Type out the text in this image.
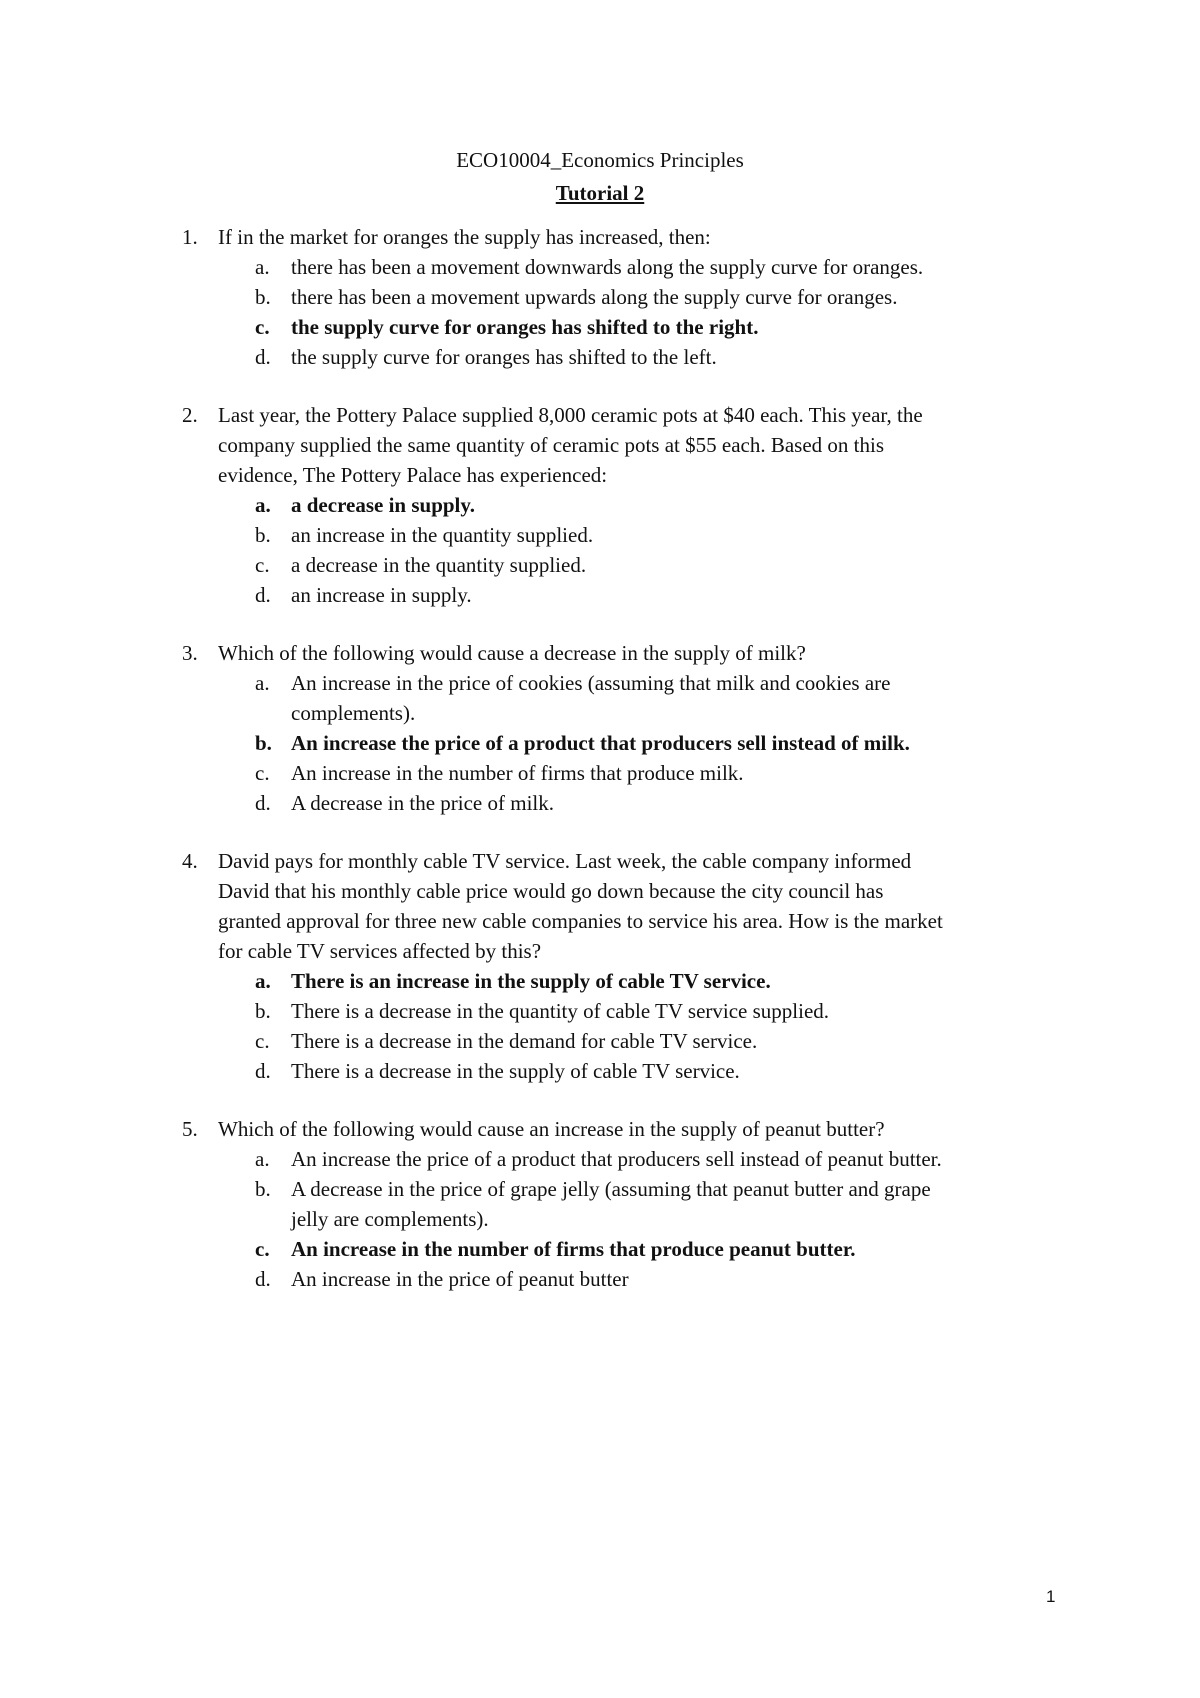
ECO10004_Economics Principles
Tutorial 2
1. If in the market for oranges the supply has increased, then:
a. there has been a movement downwards along the supply curve for oranges.
b. there has been a movement upwards along the supply curve for oranges.
c. the supply curve for oranges has shifted to the right.
d. the supply curve for oranges has shifted to the left.
2. Last year, the Pottery Palace supplied 8,000 ceramic pots at $40 each. This year, the
company supplied the same quantity of ceramic pots at $55 each. Based on this
evidence, The Pottery Palace has experienced:
a. a decrease in supply.
b. an increase in the quantity supplied.
c. a decrease in the quantity supplied.
d. an increase in supply.
3. Which of the following would cause a decrease in the supply of milk?
a. An increase in the price of cookies (assuming that milk and cookies are
complements).
b. An increase the price of a product that producers sell instead of milk.
c. An increase in the number of firms that produce milk.
d. A decrease in the price of milk.
4. David pays for monthly cable TV service. Last week, the cable company informed
David that his monthly cable price would go down because the city council has
granted approval for three new cable companies to service his area. How is the market
for cable TV services affected by this?
a. There is an increase in the supply of cable TV service.
b. There is a decrease in the quantity of cable TV service supplied.
c. There is a decrease in the demand for cable TV service.
d. There is a decrease in the supply of cable TV service.
5. Which of the following would cause an increase in the supply of peanut butter?
a. An increase the price of a product that producers sell instead of peanut butter.
b. A decrease in the price of grape jelly (assuming that peanut butter and grape
jelly are complements).
c. An increase in the number of firms that produce peanut butter.
d. An increase in the price of peanut butter
1
